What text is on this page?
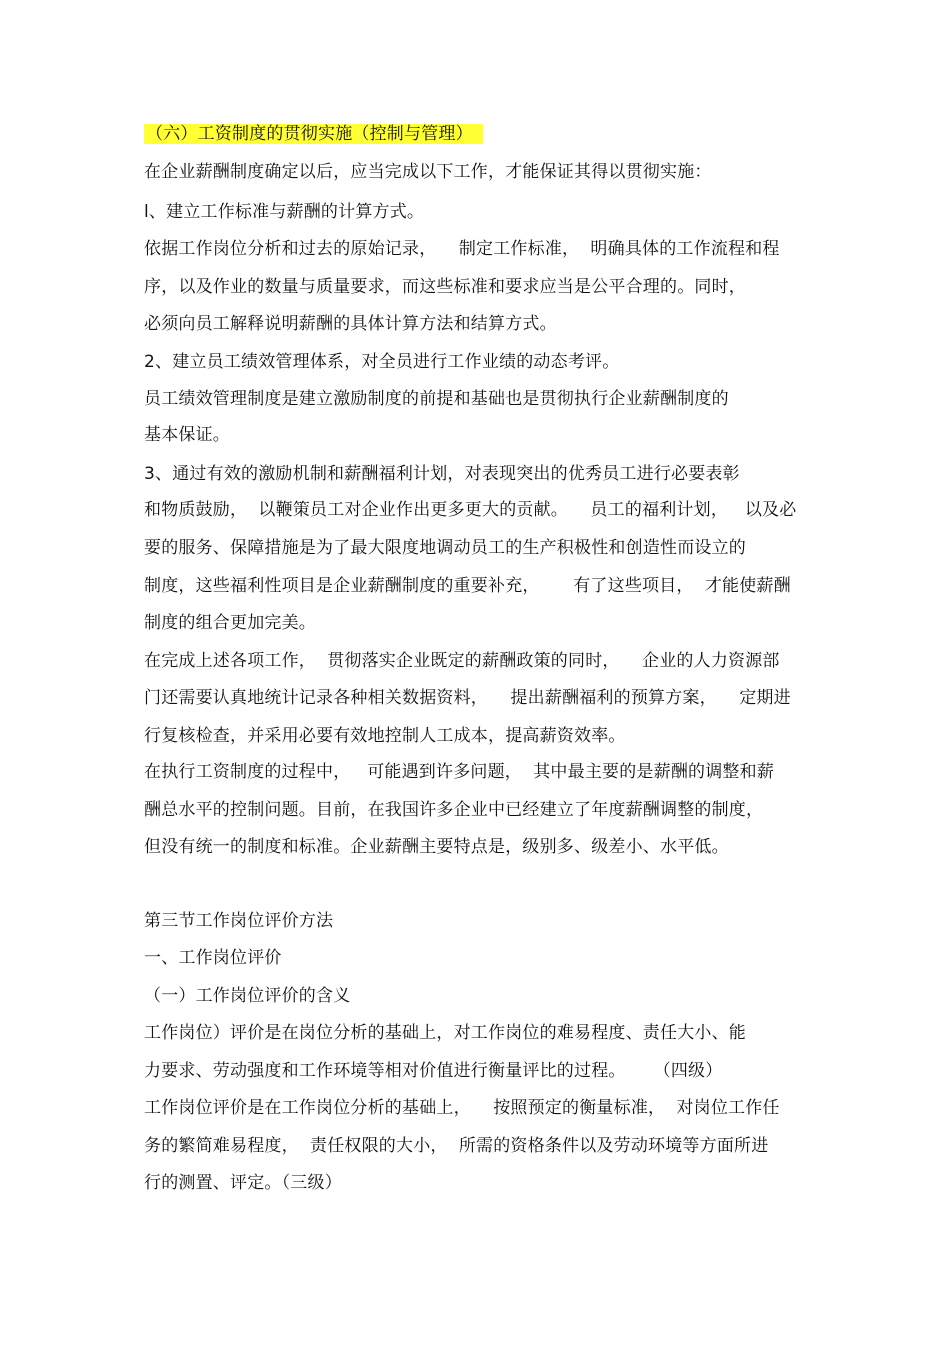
（六）工资制度的贯彻实施（控制与管理）
在企业薪酬制度确定以后，应当完成以下工作，才能保证其得以贯彻实施：
l、建立工作标准与薪酬的计算方式。
依据工作岗位分析和过去的原始记录，    制定工作标准，  明确具体的工作流程和程
序，以及作业的数量与质量要求，而这些标准和要求应当是公平合理的。同时，
必须向员工解释说明薪酬的具体计算方法和结算方式。
2、建立员工绩效管理体系，对全员进行工作业绩的动态考评。
员工绩效管理制度是建立激励制度的前提和基础也是贯彻执行企业薪酬制度的
基本保证。
3、通过有效的激励机制和薪酬福利计划，对表现突出的优秀员工进行必要表彰
和物质鼓励，  以鞭策员工对企业作出更多更大的贡献。    员工的福利计划，   以及必
要的服务、保障措施是为了最大限度地调动员工的生产积极性和创造性而设立的
制度，这些福利性项目是企业薪酬制度的重要补充，      有了这些项目，  才能使薪酬
制度的组合更加完美。
在完成上述各项工作，  贯彻落实企业既定的薪酬政策的同时，    企业的人力资源部
门还需要认真地统计记录各种相关数据资料，    提出薪酬福利的预算方案，    定期进
行复核检查，并采用必要有效地控制人工成本，提高薪资效率。
在执行工资制度的过程中，   可能遇到许多问题，  其中最主要的是薪酬的调整和薪
酬总水平的控制问题。目前，在我国许多企业中已经建立了年度薪酬调整的制度，
但没有统一的制度和标准。企业薪酬主要特点是，级别多、级差小、水平低。
第三节工作岗位评价方法
一、工作岗位评价
（一）工作岗位评价的含义
工作岗位）评价是在岗位分析的基础上，对工作岗位的难易程度、责任大小、能
力要求、劳动强度和工作环境等相对价值进行衡量评比的过程。     （四级）
工作岗位评价是在工作岗位分析的基础上，    按照预定的衡量标准，  对岗位工作任
务的繁简难易程度，  责任权限的大小，  所需的资格条件以及劳动环境等方面所进
行的测置、评定。（三级）
